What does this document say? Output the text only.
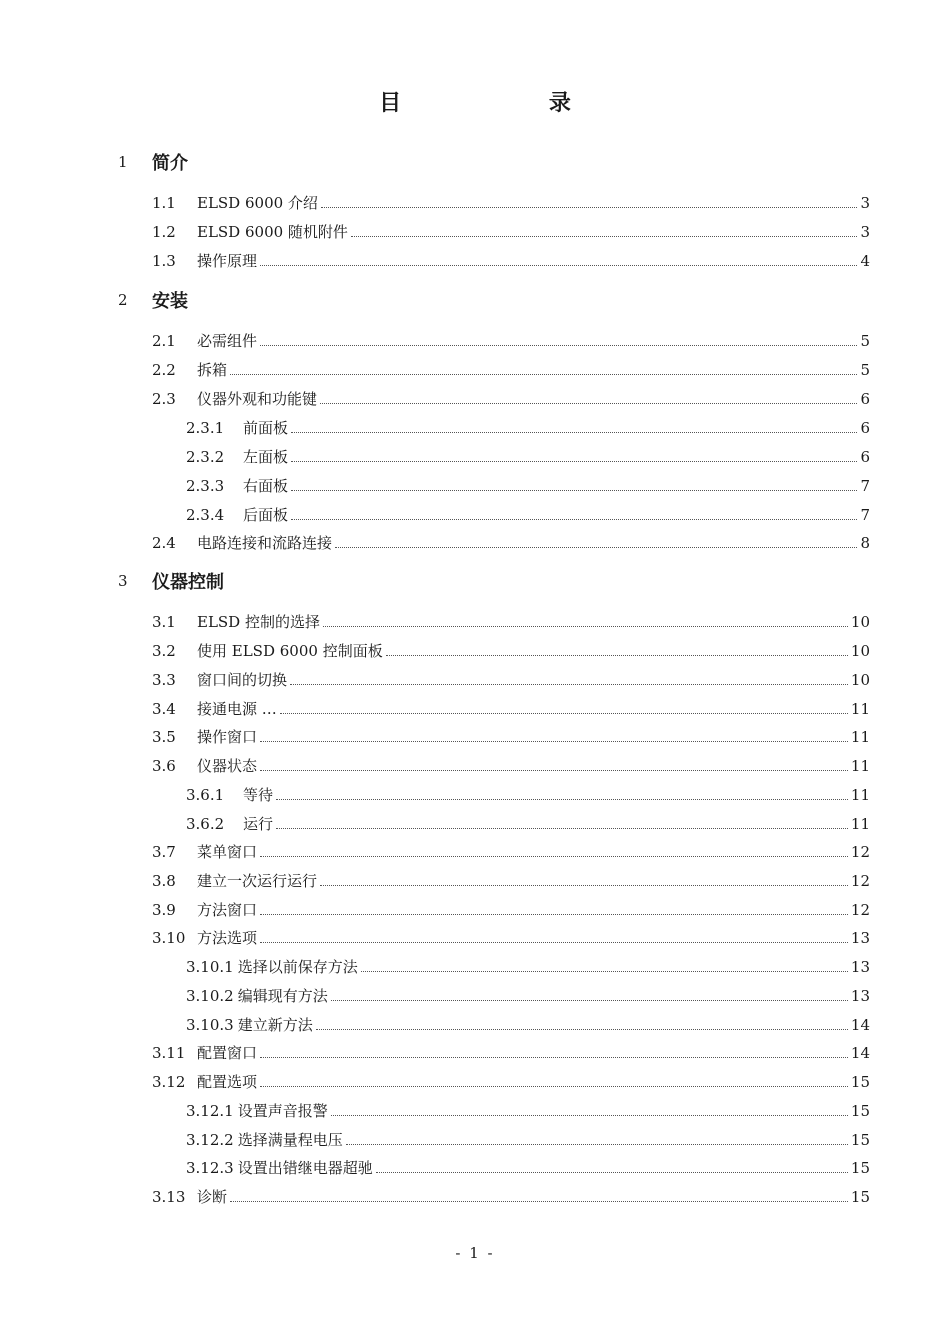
目 录
1	简介
1.1	ELSD 6000 介绍	3
1.2	ELSD 6000 随机附件	3
1.3	操作原理	4
2	安装
2.1	必需组件	5
2.2	拆箱	5
2.3	仪器外观和功能键	6
2.3.1	前面板	6
2.3.2	左面板	6
2.3.3	右面板	7
2.3.4	后面板	7
2.4	电路连接和流路连接	8
3	仪器控制
3.1	ELSD 控制的选择	10
3.2	使用 ELSD 6000 控制面板	10
3.3	窗口间的切换	10
3.4	接通电源 …	11
3.5	操作窗口	11
3.6	仪器状态	11
3.6.1	等待	11
3.6.2	运行	11
3.7	菜单窗口	12
3.8	建立一次运行运行	12
3.9	方法窗口	12
3.10 方法选项	13
3.10.1 选择以前保存方法	13
3.10.2 编辑现有方法	13
3.10.3 建立新方法	14
3.11 配置窗口	14
3.12 配置选项	15
3.12.1 设置声音报警	15
3.12.2 选择满量程电压	15
3.12.3 设置出错继电器超驰	15
3.13 诊断	15
- 1 -
